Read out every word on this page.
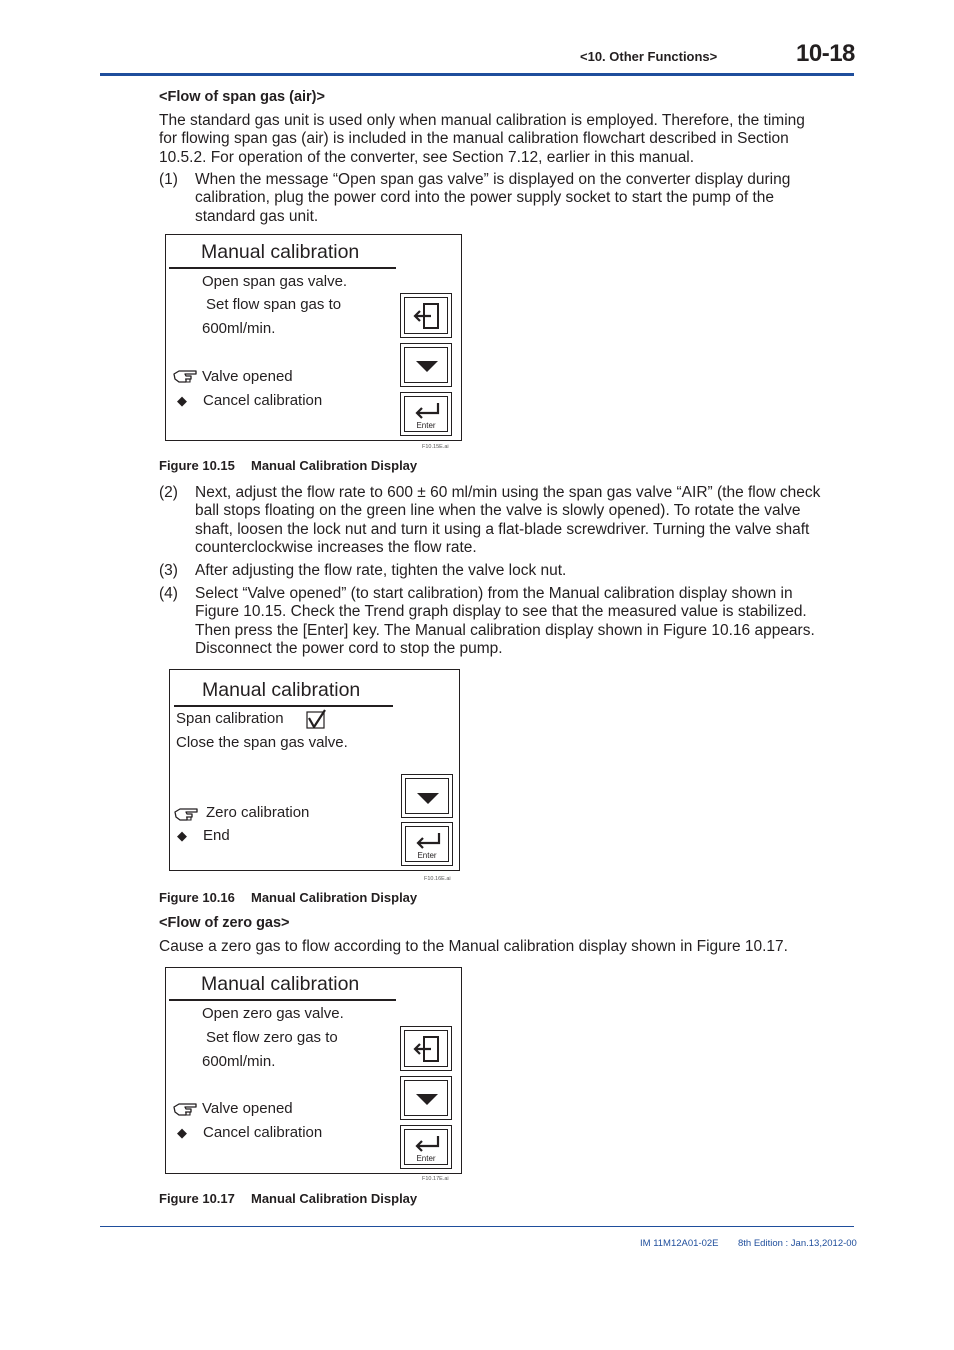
<10. Other Functions>	10-18
<Flow of span gas (air)>
The standard gas unit is used only when manual calibration is employed. Therefore, the timing
for flowing span gas (air) is included in the manual calibration flowchart described in Section
10.5.2. For operation of the converter, see Section 7.12, earlier in this manual.
(1) When the message “Open span gas valve” is displayed on the converter display during
calibration, plug the power cord into the power supply socket to start the pump of the
standard gas unit.
Manual calibration
Open span gas valve.
Set flow span gas to
600ml/min.
Valve opened
◆ Cancel calibration
Enter
F10.15E.ai
Figure 10.15 Manual Calibration Display
(2) Next, adjust the flow rate to 600 ± 60 ml/min using the span gas valve “AIR” (the flow check
ball stops floating on the green line when the valve is slowly opened). To rotate the valve
shaft, loosen the lock nut and turn it using a flat-blade screwdriver. Turning the valve shaft
counterclockwise increases the flow rate.
(3) After adjusting the flow rate, tighten the valve lock nut.
(4) Select “Valve opened” (to start calibration) from the Manual calibration display shown in
Figure 10.15. Check the Trend graph display to see that the measured value is stabilized.
Then press the [Enter] key. The Manual calibration display shown in Figure 10.16 appears.
Disconnect the power cord to stop the pump.
Manual calibration
Span calibration
Close the span gas valve.
Zero calibration
◆ End
Enter
F10.16E.ai
Figure 10.16 Manual Calibration Display
<Flow of zero gas>
Cause a zero gas to flow according to the Manual calibration display shown in Figure 10.17.
Manual calibration
Open zero gas valve.
Set flow zero gas to
600ml/min.
Valve opened
◆ Cancel calibration
Enter
F10.17E.ai
Figure 10.17 Manual Calibration Display
IM 11M12A01-02E 8th Edition : Jan.13,2012-00
